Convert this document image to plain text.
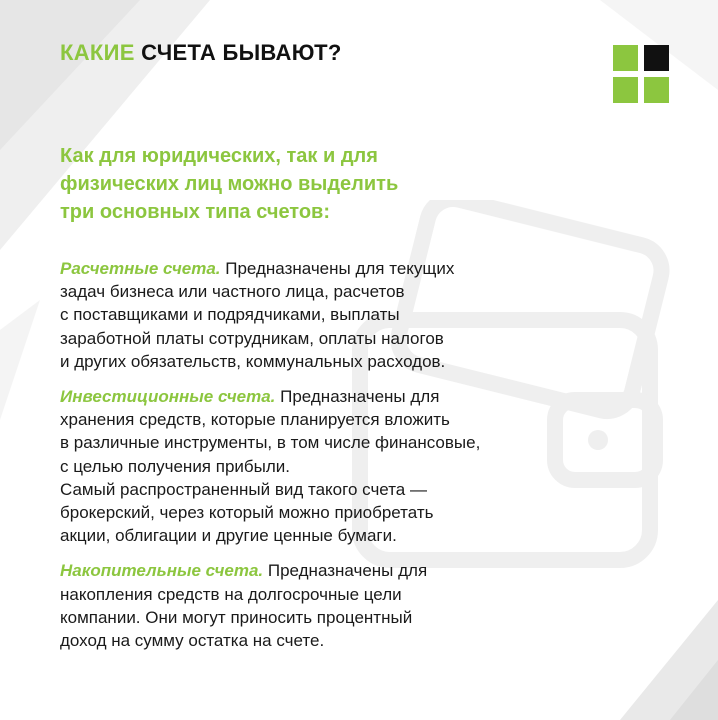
КАКИЕ СЧЕТА БЫВАЮТ?

Как для юридических, так и для
физических лиц можно выделить
три основных типа счетов:

Расчетные счета. Предназначены для текущих
задач бизнеса или частного лица, расчетов
с поставщиками и подрядчиками, выплаты
заработной платы сотрудникам, оплаты налогов
и других обязательств, коммунальных расходов.

Инвестиционные счета. Предназначены для
хранения средств, которые планируется вложить
в различные инструменты, в том числе финансовые,
с целью получения прибыли.
Самый распространенный вид такого счета —
брокерский, через который можно приобретать
акции, облигации и другие ценные бумаги.

Накопительные счета. Предназначены для
накопления средств на долгосрочные цели
компании. Они могут приносить процентный
доход на сумму остатка на счете.
